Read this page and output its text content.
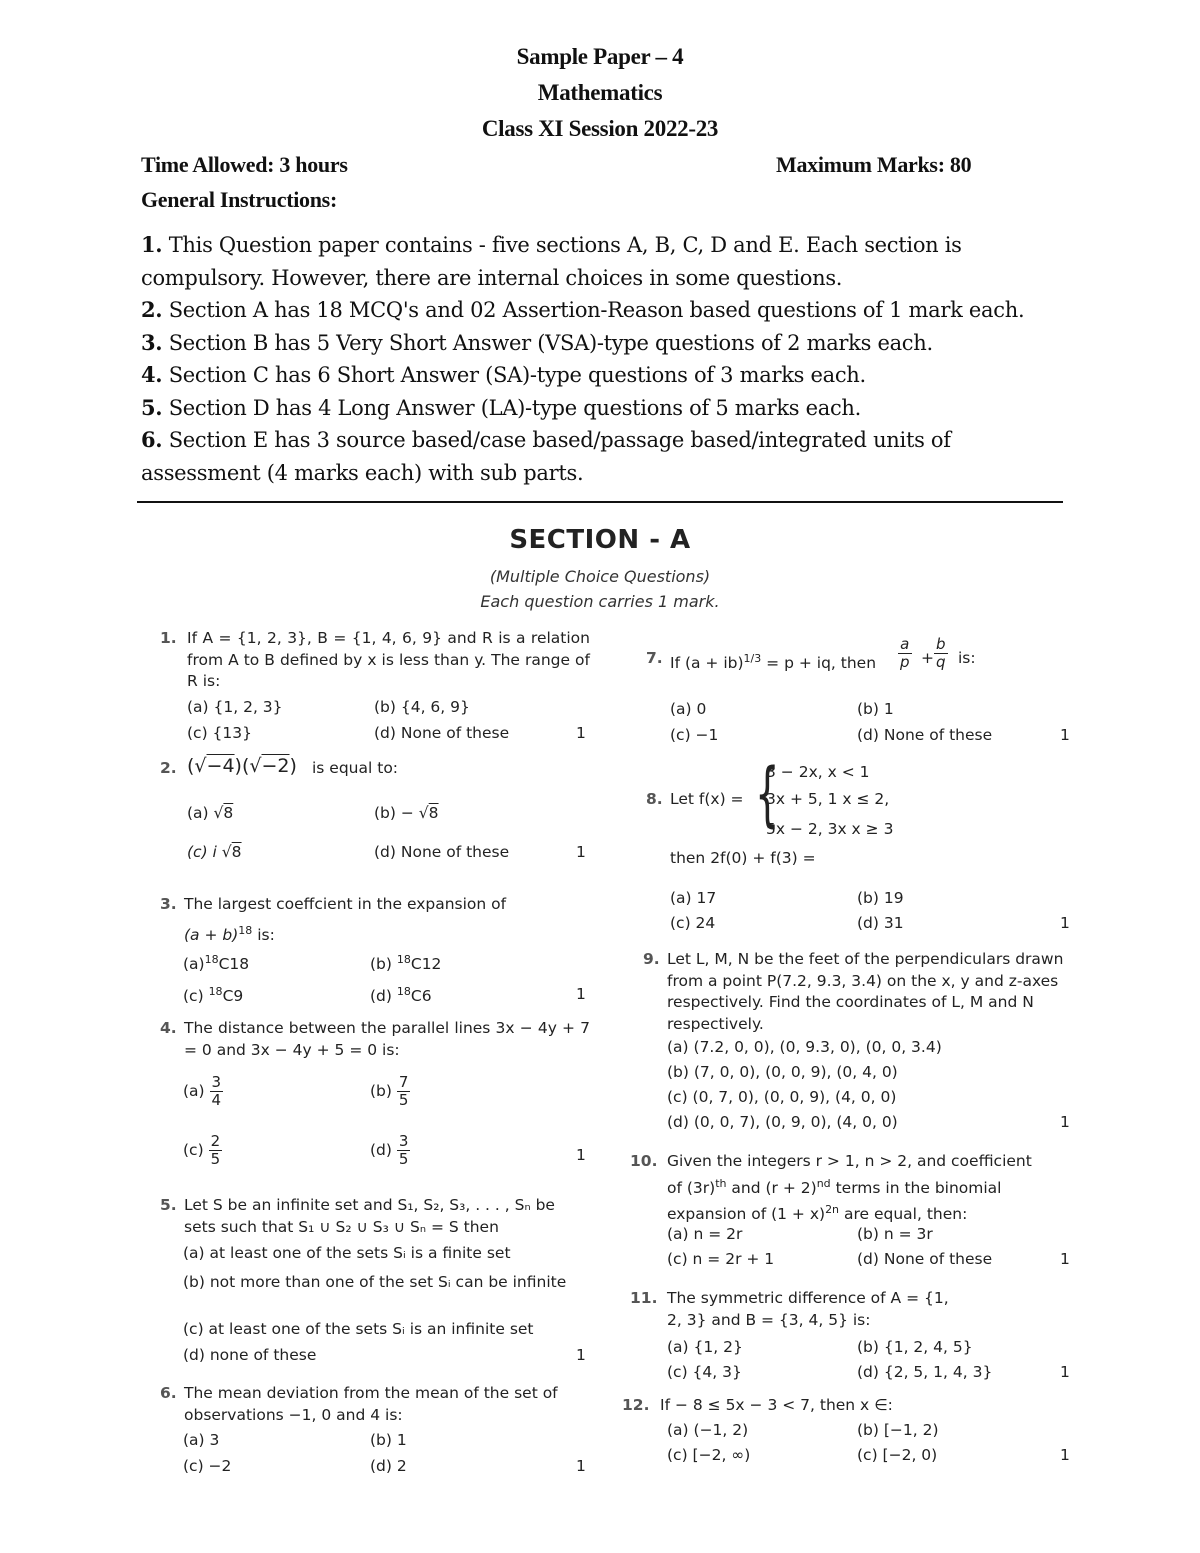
Sample Paper – 4
Mathematics
Class XI Session 2022-23
Time Allowed: 3 hours	Maximum Marks: 80
General Instructions:
1. This Question paper contains - five sections A, B, C, D and E. Each section is compulsory. However, there are internal choices in some questions.
2. Section A has 18 MCQ's and 02 Assertion-Reason based questions of 1 mark each.
3. Section B has 5 Very Short Answer (VSA)-type questions of 2 marks each.
4. Section C has 6 Short Answer (SA)-type questions of 3 marks each.
5. Section D has 4 Long Answer (LA)-type questions of 5 marks each.
6. Section E has 3 source based/case based/passage based/integrated units of assessment (4 marks each) with sub parts.
SECTION - A
(Multiple Choice Questions)
Each question carries 1 mark.
1. If A = {1, 2, 3}, B = {1, 4, 6, 9} and R is a relation from A to B defined by x is less than y. The range of R is:
(a) {1, 2, 3}	(b) {4, 6, 9}
(c) {13}	(d) None of these	1
2. (√−4)(√−2) is equal to:
(a) √8	(b) − √8
(c) i √8	(d) None of these	1
3. The largest coeffcient in the expansion of
$(a + b)^{18}$ is:
$(a)^{18}C18$	(b) $^{18}$C12
(c) $^{18}$C9	(d) $^{18}$C6	1
4. The distance between the parallel lines 3x − 4y + 7 = 0 and 3x − 4y + 5 = 0 is:
$(a) \frac{3}{4}$	$(b) \frac{7}{5}$
$(c) \frac{2}{5}$	$(d) \frac{3}{5}$	1
5. Let S be an infinite set and S₁, S₂, S₃, . . . , Sₙ be sets such that S₁ ∪ S₂ ∪ S₃ ∪ Sₙ = S then
(a) at least one of the sets Sᵢ is a finite set
(b) not more than one of the set Sᵢ can be infinite
(c) at least one of the sets Sᵢ is an infinite set
(d) none of these	1
6. The mean deviation from the mean of the set of observations −1, 0 and 4 is:
(a) 3	(b) 1
(c) −2	(d) 2	1
7. If (a + ib)$^{1/3}$ = p + iq, then $\frac{a}{p} + \frac{b}{q}$ is:
(a) 0	(b) 1
(c) −1	(d) None of these	1
8. Let f(x) = {
3 − 2x, x < 1
3x + 5, 1 x ≤ 2,
5x − 2, 3x x ≥ 3
then 2f(0) + f(3) =
(a) 17	(b) 19
(c) 24	(d) 31	1
9. Let L, M, N be the feet of the perpendiculars drawn from a point P(7.2, 9.3, 3.4) on the x, y and z-axes respectively. Find the coordinates of L, M and N respectively.
(a) (7.2, 0, 0), (0, 9.3, 0), (0, 0, 3.4)
(b) (7, 0, 0), (0, 0, 9), (0, 4, 0)
(c) (0, 7, 0), (0, 0, 9), (4, 0, 0)
(d) (0, 0, 7), (0, 9, 0), (4, 0, 0)	1
10. Given the integers r > 1, n > 2, and coefficient
of $(3r)^{th}$ and $(r + 2)^{nd}$ terms in the binomial
expansion of $(1 + x)^{2n}$ are equal, then:
(a) n = 2r	(b) n = 3r
(c) n = 2r + 1	(d) None of these	1
11. The symmetric difference of A = {1, 2, 3} and B = {3, 4, 5} is:
(a) {1, 2}	(b) {1, 2, 4, 5}
(c) {4, 3}	(d) {2, 5, 1, 4, 3}	1
12. If − 8 ≤ 5x − 3 < 7, then x ∈:
(a) (−1, 2)	(b) [−1, 2)
(c) [−2, ∞)	(c) [−2, 0)	1
